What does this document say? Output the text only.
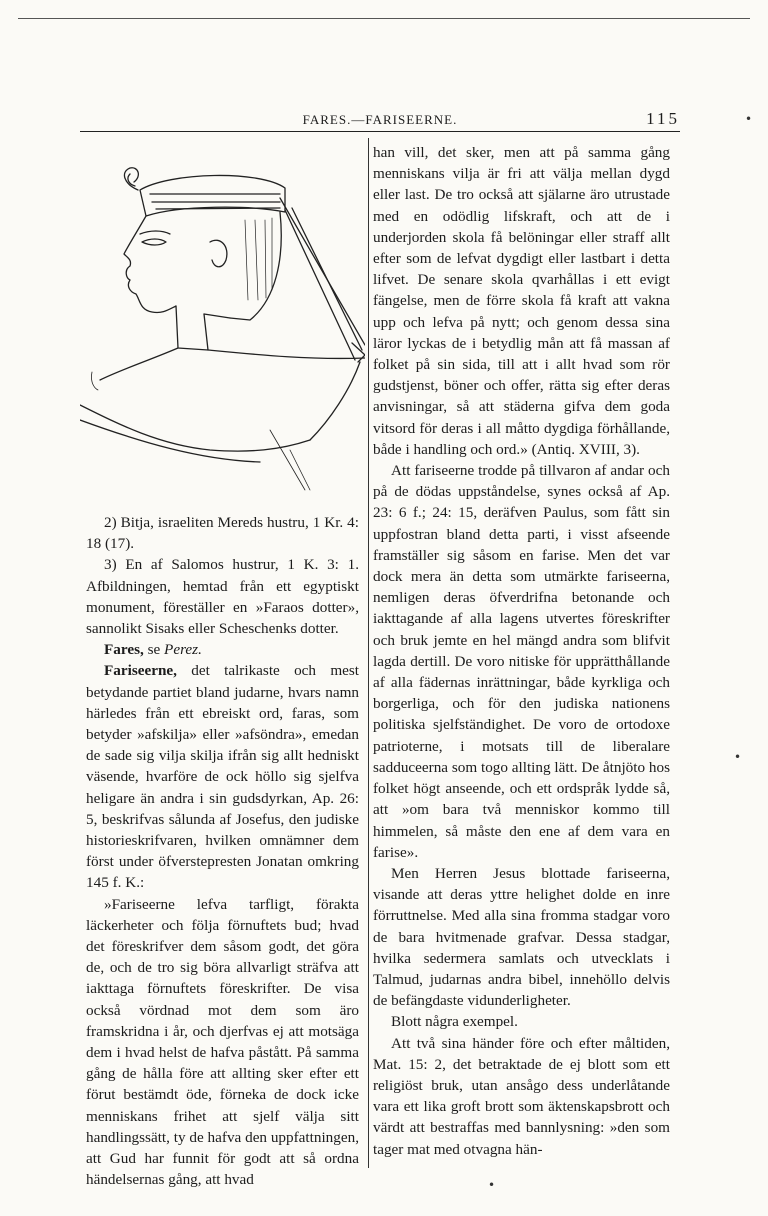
FARES.—FARISEERNE.	115

2) Bitja, israeliten Mereds hustru, 1 Kr. 4: 18 (17).

3) En af Salomos hustrur, 1 K. 3: 1. Afbildningen, hemtad från ett egyptiskt monument, föreställer en »Faraos dotter», sannolikt Sisaks eller Scheschenks dotter.

Fares, se Perez.

Fariseerne, det talrikaste och mest betydande partiet bland judarne, hvars namn härledes från ett ebreiskt ord, faras, som betyder »afskilja» eller »afsöndra», emedan de sade sig vilja skilja ifrån sig allt hedniskt väsende, hvarföre de ock höllo sig sjelfva heligare än andra i sin gudsdyrkan, Ap. 26: 5, beskrifvas sålunda af Josefus, den judiske historieskrifvaren, hvilken omnämner dem först under öfverstepresten Jonatan omkring 145 f. K.:

»Fariseerne lefva tarfligt, förakta läckerheter och följa förnuftets bud; hvad det föreskrifver dem såsom godt, det göra de, och de tro sig böra allvarligt sträfva att iakttaga förnuftets föreskrifter. De visa också vördnad mot dem som äro framskridna i år, och djerfvas ej att motsäga dem i hvad helst de hafva påstått. På samma gång de hålla före att allting sker efter ett förut bestämdt öde, förneka de dock icke menniskans frihet att sjelf välja sitt handlingssätt, ty de hafva den uppfattningen, att Gud har funnit för godt att så ordna händelsernas gång, att hvad

han vill, det sker, men att på samma gång menniskans vilja är fri att välja mellan dygd eller last. De tro också att själarne äro utrustade med en odödlig lifskraft, och att de i underjorden skola få belöningar eller straff allt efter som de lefvat dygdigt eller lastbart i detta lifvet. De senare skola qvarhållas i ett evigt fängelse, men de förre skola få kraft att vakna upp och lefva på nytt; och genom dessa sina läror lyckas de i betydlig mån att få massan af folket på sin sida, till att i allt hvad som rör gudstjenst, böner och offer, rätta sig efter deras anvisningar, så att städerna gifva dem goda vitsord för deras i all måtto dygdiga förhållande, både i handling och ord.» (Antiq. XVIII, 3).

Att fariseerne trodde på tillvaron af andar och på de dödas uppståndelse, synes också af Ap. 23: 6 f.; 24: 15, deräfven Paulus, som fått sin uppfostran bland detta parti, i visst afseende framställer sig såsom en farise. Men det var dock mera än detta som utmärkte fariseerna, nemligen deras öfverdrifna betonande och iakttagande af alla lagens utvertes föreskrifter och bruk jemte en hel mängd andra som blifvit lagda dertill. De voro nitiske för upprätthållande af alla fädernas inrättningar, både kyrkliga och borgerliga, och för den judiska nationens politiska sjelfständighet. De voro de ortodoxe patrioterne, i motsats till de liberalare sadduceerna som togo allting lätt. De åtnjöto hos folket högt anseende, och ett ordspråk lydde så, att »om bara två menniskor kommo till himmelen, så måste den ene af dem vara en farise».

Men Herren Jesus blottade fariseerna, visande att deras yttre helighet dolde en inre förruttnelse. Med alla sina fromma stadgar voro de bara hvitmenade grafvar. Dessa stadgar, hvilka sedermera samlats och utvecklats i Talmud, judarnas andra bibel, innehöllo delvis de befängdaste vidunderligheter.

Blott några exempel.

Att två sina händer före och efter måltiden, Mat. 15: 2, det betraktade de ej blott som ett religiöst bruk, utan ansågo dess underlåtande vara ett lika groft brott som äktenskapsbrott och värdt att bestraffas med bannlysning: »den som tager mat med otvagna hän-

•
•
•
